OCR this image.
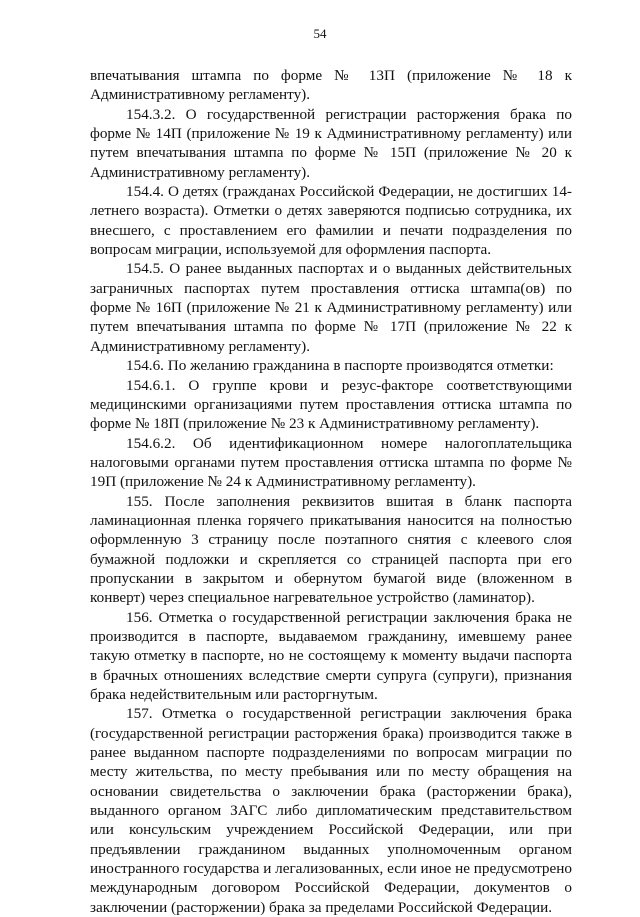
54

впечатывания штампа по форме № 13П (приложение № 18 к Административному регламенту).

154.3.2. О государственной регистрации расторжения брака по форме № 14П (приложение № 19 к Административному регламенту) или путем впечатывания штампа по форме № 15П (приложение № 20 к Административному регламенту).

154.4. О детях (гражданах Российской Федерации, не достигших 14-летнего возраста). Отметки о детях заверяются подписью сотрудника, их внесшего, с проставлением его фамилии и печати подразделения по вопросам миграции, используемой для оформления паспорта.

154.5. О ранее выданных паспортах и о выданных действительных заграничных паспортах путем проставления оттиска штампа(ов) по форме № 16П (приложение № 21 к Административному регламенту) или путем впечатывания штампа по форме № 17П (приложение № 22 к Административному регламенту).

154.6. По желанию гражданина в паспорте производятся отметки:

154.6.1. О группе крови и резус-факторе соответствующими медицинскими организациями путем проставления оттиска штампа по форме № 18П (приложение № 23 к Административному регламенту).

154.6.2. Об идентификационном номере налогоплательщика налоговыми органами путем проставления оттиска штампа по форме № 19П (приложение № 24 к Административному регламенту).

155. После заполнения реквизитов вшитая в бланк паспорта ламинационная пленка горячего прикатывания наносится на полностью оформленную 3 страницу после поэтапного снятия с клеевого слоя бумажной подложки и скрепляется со страницей паспорта при его пропускании в закрытом и обернутом бумагой виде (вложенном в конверт) через специальное нагревательное устройство (ламинатор).

156. Отметка о государственной регистрации заключения брака не производится в паспорте, выдаваемом гражданину, имевшему ранее такую отметку в паспорте, но не состоящему к моменту выдачи паспорта в брачных отношениях вследствие смерти супруга (супруги), признания брака недействительным или расторгнутым.

157. Отметка о государственной регистрации заключения брака (государственной регистрации расторжения брака) производится также в ранее выданном паспорте подразделениями по вопросам миграции по месту жительства, по месту пребывания или по месту обращения на основании свидетельства о заключении брака (расторжении брака), выданного органом ЗАГС либо дипломатическим представительством или консульским учреждением Российской Федерации, или при предъявлении гражданином выданных уполномоченным органом иностранного государства и легализованных, если иное не предусмотрено международным договором Российской Федерации, документов о заключении (расторжении) брака за пределами Российской Федерации.
